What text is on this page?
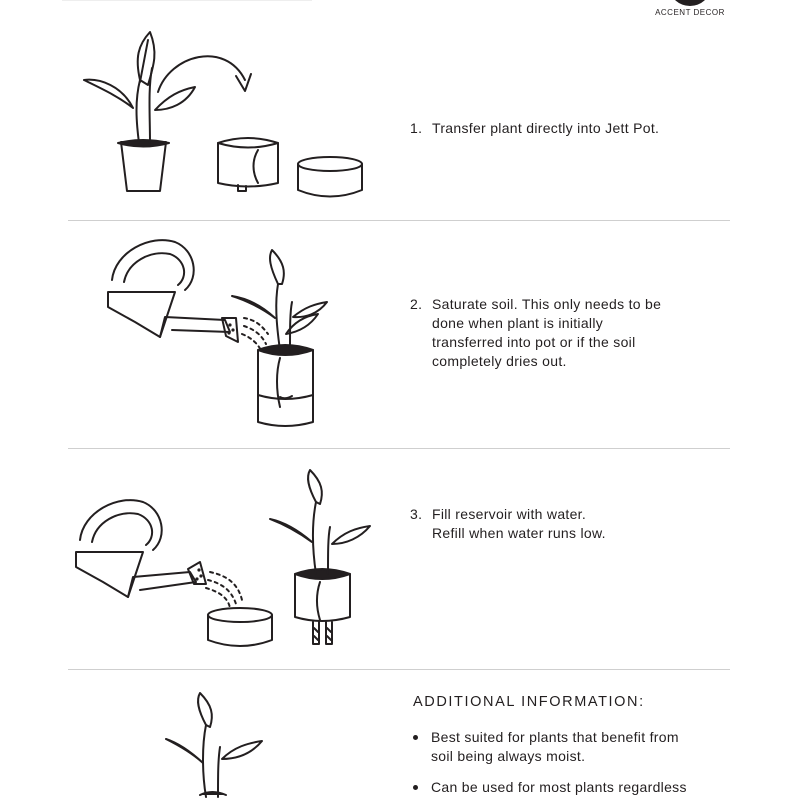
ACCENT DECOR
1. Transfer plant directly into Jett Pot.
2. Saturate soil. This only needs to be
done when plant is initially
transferred into pot or if the soil
completely dries out.
3. Fill reservoir with water.
Refill when water runs low.
ADDITIONAL INFORMATION:
Best suited for plants that benefit from
soil being always moist.
Can be used for most plants regardless
